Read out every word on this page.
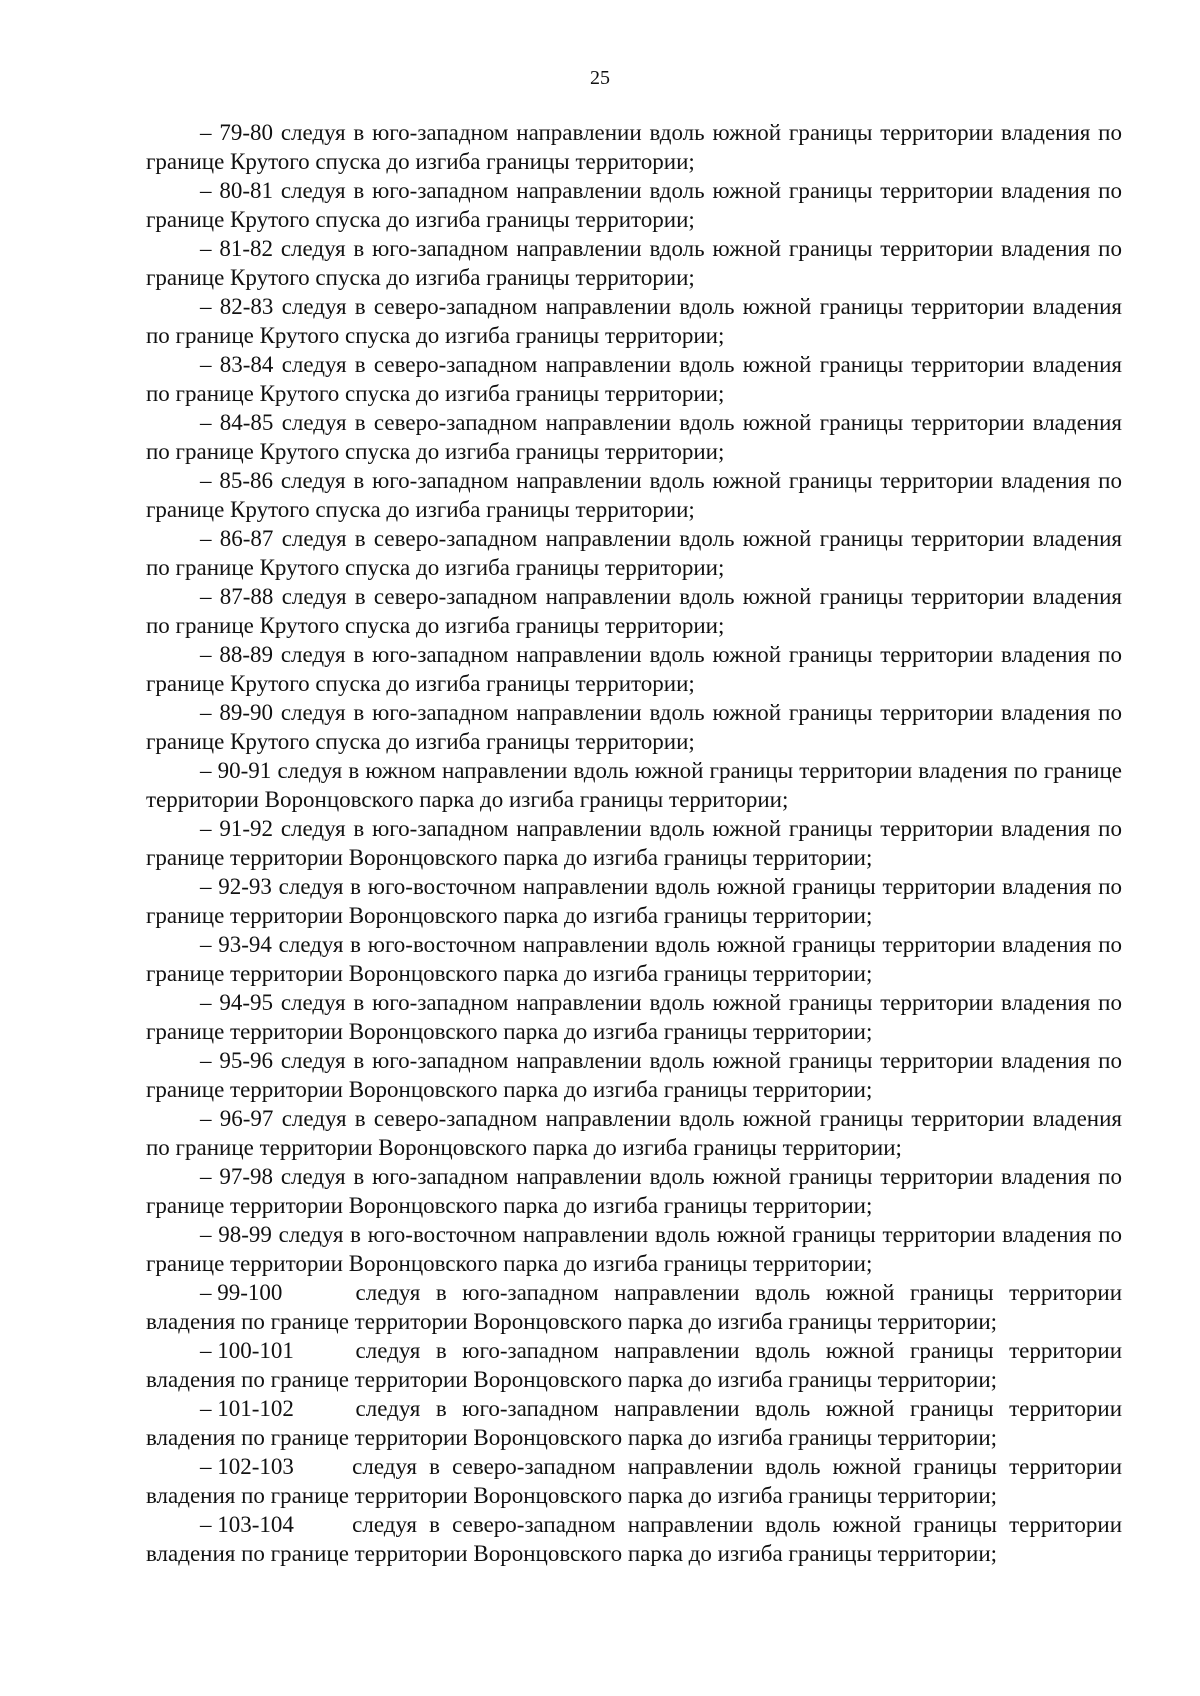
25

– 79-80 следуя в юго-западном направлении вдоль южной границы территории владения по границе Крутого спуска до изгиба границы территории;

– 80-81 следуя в юго-западном направлении вдоль южной границы территории владения по границе Крутого спуска до изгиба границы территории;

– 81-82 следуя в юго-западном направлении вдоль южной границы территории владения по границе Крутого спуска до изгиба границы территории;

– 82-83 следуя в северо-западном направлении вдоль южной границы территории владения по границе Крутого спуска до изгиба границы территории;

– 83-84 следуя в северо-западном направлении вдоль южной границы территории владения по границе Крутого спуска до изгиба границы территории;

– 84-85 следуя в северо-западном направлении вдоль южной границы территории владения по границе Крутого спуска до изгиба границы территории;

– 85-86 следуя в юго-западном направлении вдоль южной границы территории владения по границе Крутого спуска до изгиба границы территории;

– 86-87 следуя в северо-западном направлении вдоль южной границы территории владения по границе Крутого спуска до изгиба границы территории;

– 87-88 следуя в северо-западном направлении вдоль южной границы территории владения по границе Крутого спуска до изгиба границы территории;

– 88-89 следуя в юго-западном направлении вдоль южной границы территории владения по границе Крутого спуска до изгиба границы территории;

– 89-90 следуя в юго-западном направлении вдоль южной границы территории владения по границе Крутого спуска до изгиба границы территории;

– 90-91 следуя в южном направлении вдоль южной границы территории владения по границе территории Воронцовского парка до изгиба границы территории;

– 91-92 следуя в юго-западном направлении вдоль южной границы территории владения по границе территории Воронцовского парка до изгиба границы территории;

– 92-93 следуя в юго-восточном направлении вдоль южной границы территории владения по границе территории Воронцовского парка до изгиба границы территории;

– 93-94 следуя в юго-восточном направлении вдоль южной границы территории владения по границе территории Воронцовского парка до изгиба границы территории;

– 94-95 следуя в юго-западном направлении вдоль южной границы территории владения по границе территории Воронцовского парка до изгиба границы территории;

– 95-96 следуя в юго-западном направлении вдоль южной границы территории владения по границе территории Воронцовского парка до изгиба границы территории;

– 96-97 следуя в северо-западном направлении вдоль южной границы территории владения по границе территории Воронцовского парка до изгиба границы территории;

– 97-98 следуя в юго-западном направлении вдоль южной границы территории владения по границе территории Воронцовского парка до изгиба границы территории;

– 98-99 следуя в юго-восточном направлении вдоль южной границы территории владения по границе территории Воронцовского парка до изгиба границы территории;

– 99-100	следуя в юго-западном направлении вдоль южной границы территории владения по границе территории Воронцовского парка до изгиба границы территории;

– 100-101	следуя в юго-западном направлении вдоль южной границы территории владения по границе территории Воронцовского парка до изгиба границы территории;

– 101-102	следуя в юго-западном направлении вдоль южной границы территории владения по границе территории Воронцовского парка до изгиба границы территории;

– 102-103	следуя в северо-западном направлении вдоль южной границы территории владения по границе территории Воронцовского парка до изгиба границы территории;

– 103-104	следуя в северо-западном направлении вдоль южной границы территории владения по границе территории Воронцовского парка до изгиба границы территории;
